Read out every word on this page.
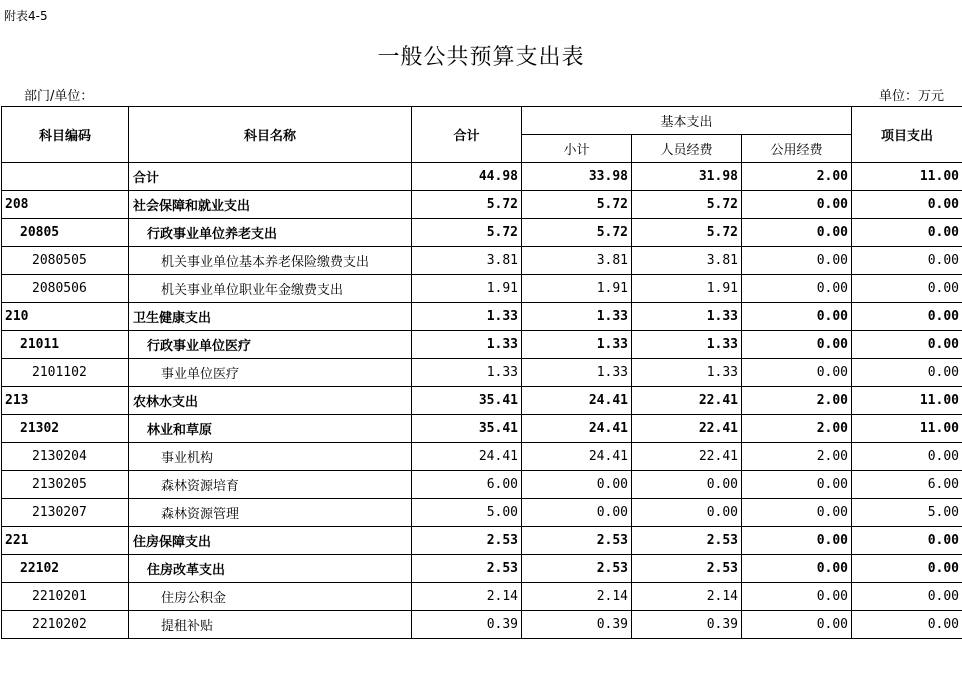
附表4-5
一般公共预算支出表
部门/单位：	单位：万元
科目编码	科目名称	合计	基本支出			项目支出
			小计	人员经费	公用经费	
	合计	44.98	33.98	31.98	2.00	11.00
208	社会保障和就业支出	5.72	5.72	5.72	0.00	0.00
20805	行政事业单位养老支出	5.72	5.72	5.72	0.00	0.00
2080505	机关事业单位基本养老保险缴费支出	3.81	3.81	3.81	0.00	0.00
2080506	机关事业单位职业年金缴费支出	1.91	1.91	1.91	0.00	0.00
210	卫生健康支出	1.33	1.33	1.33	0.00	0.00
21011	行政事业单位医疗	1.33	1.33	1.33	0.00	0.00
2101102	事业单位医疗	1.33	1.33	1.33	0.00	0.00
213	农林水支出	35.41	24.41	22.41	2.00	11.00
21302	林业和草原	35.41	24.41	22.41	2.00	11.00
2130204	事业机构	24.41	24.41	22.41	2.00	0.00
2130205	森林资源培育	6.00	0.00	0.00	0.00	6.00
2130207	森林资源管理	5.00	0.00	0.00	0.00	5.00
221	住房保障支出	2.53	2.53	2.53	0.00	0.00
22102	住房改革支出	2.53	2.53	2.53	0.00	0.00
2210201	住房公积金	2.14	2.14	2.14	0.00	0.00
2210202	提租补贴	0.39	0.39	0.39	0.00	0.00
